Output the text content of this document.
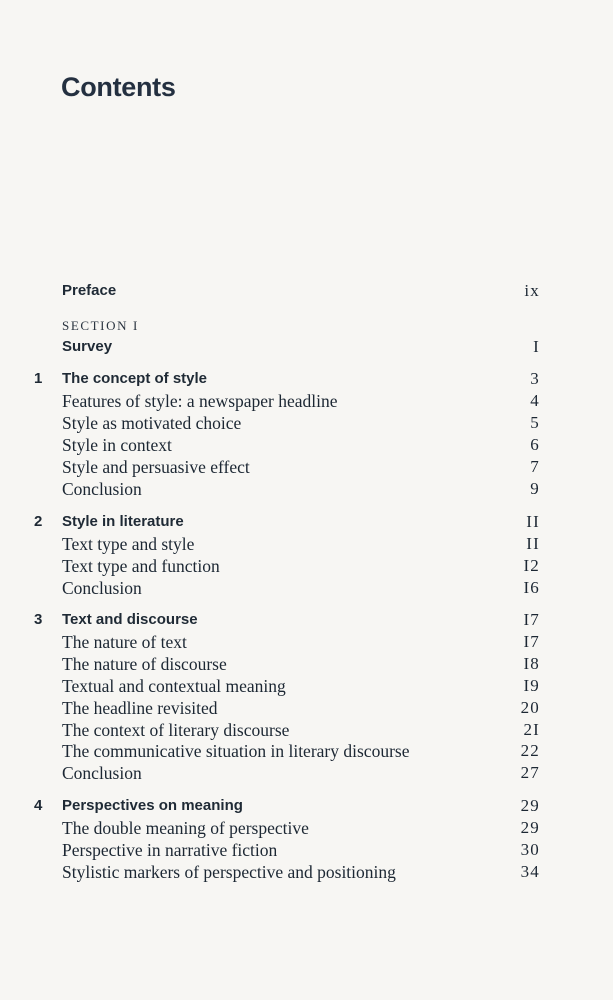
Contents
Preface	ix
SECTION I
Survey	I
1	The concept of style	3
Features of style: a newspaper headline	4
Style as motivated choice	5
Style in context	6
Style and persuasive effect	7
Conclusion	9
2	Style in literature	II
Text type and style	II
Text type and function	I2
Conclusion	I6
3	Text and discourse	I7
The nature of text	I7
The nature of discourse	I8
Textual and contextual meaning	I9
The headline revisited	20
The context of literary discourse	2I
The communicative situation in literary discourse	22
Conclusion	27
4	Perspectives on meaning	29
The double meaning of perspective	29
Perspective in narrative fiction	30
Stylistic markers of perspective and positioning	34
